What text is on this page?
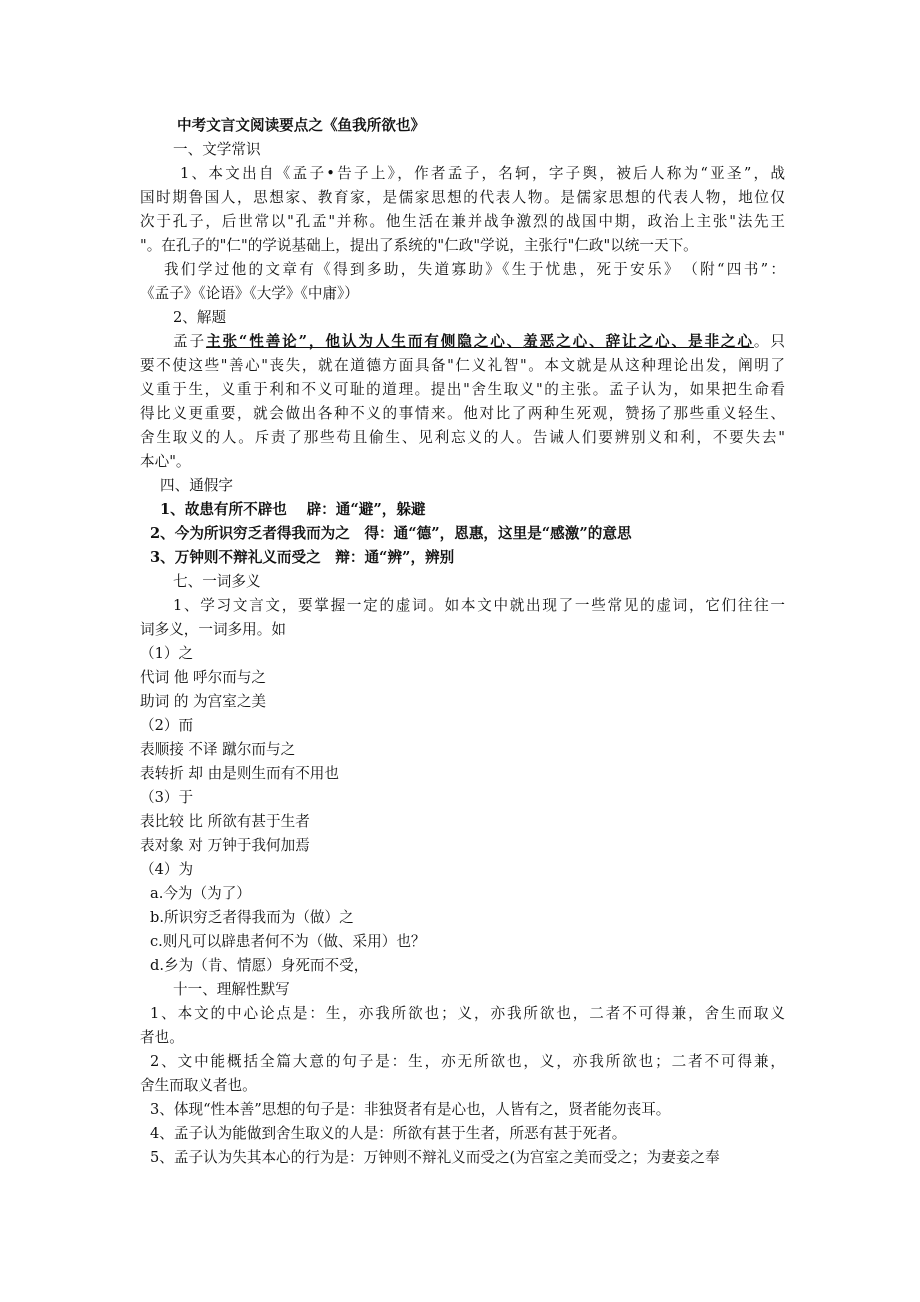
中考文言文阅读要点之《鱼我所欲也》
一、文学常识
1、本文出自《孟子•告子上》，作者孟子，名轲，字子舆，被后人称为“亚圣”，战
国时期鲁国人，思想家、教育家，是儒家思想的代表人物。是儒家思想的代表人物，地位仅
次于孔子，后世常以"孔孟"并称。他生活在兼并战争激烈的战国中期，政治上主张"法先王
"。在孔子的"仁"的学说基础上，提出了系统的"仁政"学说，主张行"仁政"以统一天下。
我们学过他的文章有《得到多助，失道寡助》《生于忧患，死于安乐》　（附“四书”：
《孟子》《论语》《大学》《中庸》）
2、解题
孟子主张“性善论”，他认为人生而有侧隐之心、羞恶之心、辞让之心、是非之心。只
要不使这些"善心"丧失，就在道德方面具备"仁义礼智"。本文就是从这种理论出发，阐明了
义重于生，义重于利和不义可耻的道理。提出"舍生取义"的主张。孟子认为，如果把生命看
得比义更重要，就会做出各种不义的事情来。他对比了两种生死观，赞扬了那些重义轻生、
舍生取义的人。斥责了那些苟且偷生、见利忘义的人。告诫人们要辨别义和利，不要失去"
本心"。
四、通假字
1、故患有所不辟也　 辟：通“避”，躲避
2、今为所识穷乏者得我而为之　得：通“德”，恩惠，这里是“感激”的意思
3、万钟则不辩礼义而受之　辩：通“辨”，辨别
七、一词多义
1、学习文言文，要掌握一定的虚词。如本文中就出现了一些常见的虚词，它们往往一
词多义，一词多用。如
（1）之
代词 他 呼尔而与之
助词 的 为宫室之美
（2）而
表顺接 不译 蹴尔而与之
表转折 却 由是则生而有不用也
（3）于
表比较 比 所欲有甚于生者
表对象 对 万钟于我何加焉
（4）为
a.今为（为了）
b.所识穷乏者得我而为（做）之
c.则凡可以辟患者何不为（做、采用）也？
d.乡为（肯、情愿）身死而不受，
十一、理解性默写
1、本文的中心论点是：生，亦我所欲也；义，亦我所欲也，二者不可得兼，舍生而取义
者也。
2、文中能概括全篇大意的句子是：生，亦无所欲也，义，亦我所欲也；二者不可得兼，
舍生而取义者也。
3、体现“性本善”思想的句子是：非独贤者有是心也，人皆有之，贤者能勿丧耳。
4、孟子认为能做到舍生取义的人是：所欲有甚于生者，所恶有甚于死者。
5、孟子认为失其本心的行为是：万钟则不辩礼义而受之(为宫室之美而受之；为妻妾之奉
